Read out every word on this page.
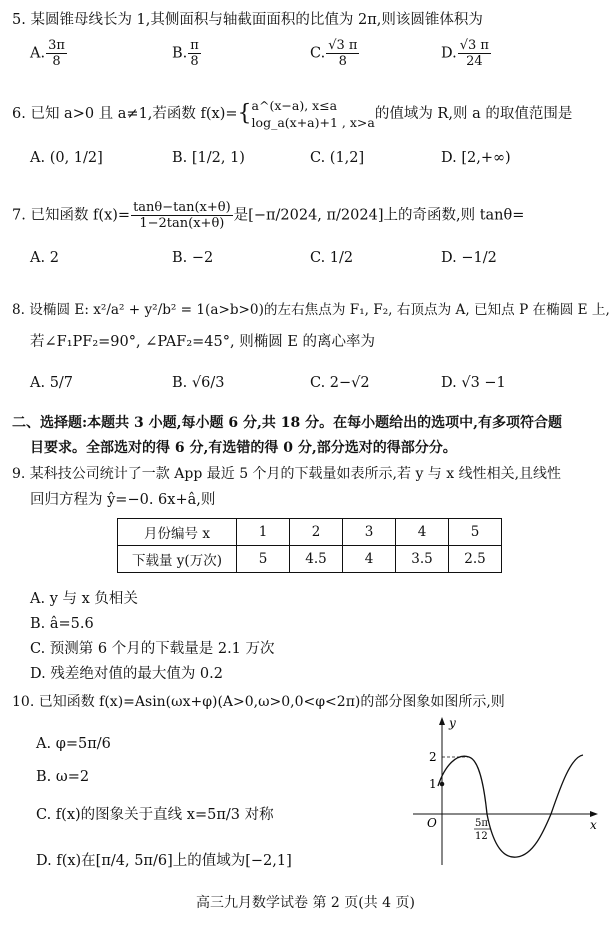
5. 某圆锥母线长为 1,其侧面积与轴截面面积的比值为 2π,则该圆锥体积为
A. $\frac{3\pi}{8}$	B. $\frac{\pi}{8}$	C. $\frac{√3 \pi}{8}$	D. $\frac{√3 \pi}{24}$
6. 已知 a>0 且 a≠1,若函数 f(x)={a^(x−a), x≤a
log_a(x+a)+1 , x>a的值域为 R,则 a 的取值范围是
A. (0, 1/2]	B. [1/2, 1)	C. (1,2]	D. [2,+∞)
7. 已知函数 $f(x)= \frac{\tan\theta-\tan(x+\theta)}{1-2\tan(x+\theta)}$ 是[−π/2024, π/2024]上的奇函数,则 tanθ=
A. 2	B. −2	C. 1/2	D. −1/2
8. 设椭圆 E: x²/a² + y²/b² = 1(a>b>0)的左右焦点为 F₁, F₂, 右顶点为 A, 已知点 P 在椭圆 E 上,
若∠F₁PF₂=90°, ∠PAF₂=45°, 则椭圆 E 的离心率为
A. 5/7	B. √6/3	C. 2−√2	D. √3 −1
二、选择题:本题共 3 小题,每小题 6 分,共 18 分。在每小题给出的选项中,有多项符合题
目要求。全部选对的得 6 分,有选错的得 0 分,部分选对的得部分分。
9. 某科技公司统计了一款 App 最近 5 个月的下载量如表所示,若 y 与 x 线性相关,且线性
回归方程为 ŷ=−0. 6x+â,则
月份编号 x	1	2	3	4	5
下载量 y(万次)	5	4.5	4	3.5	2.5
A. y 与 x 负相关
B. â=5.6
C. 预测第 6 个月的下载量是 2.1 万次
D. 残差绝对值的最大值为 0.2
10. 已知函数 f(x)=Asin(ωx+φ)(A>0,ω>0,0<φ<2π)的部分图象如图所示,则
A. φ=5π/6
B. ω=2
C. f(x)的图象关于直线 x=5π/3 对称
D. f(x)在[π/4, 5π/6]上的值域为[−2,1]
y
x
O
2
1
5π
12
高三九月数学试卷 第 2 页(共 4 页)
